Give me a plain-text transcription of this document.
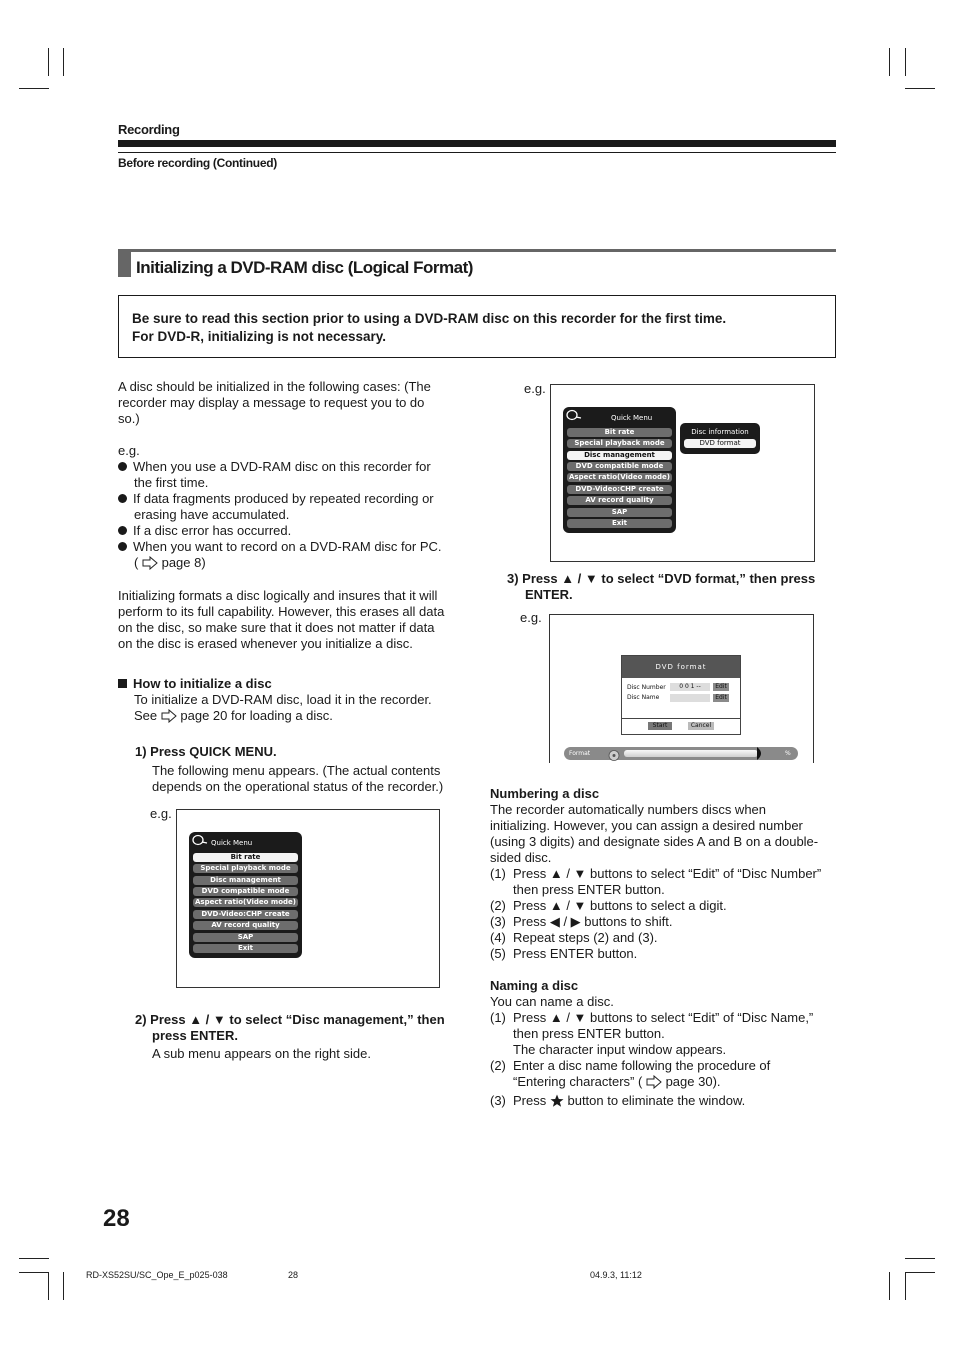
Recording
Before recording (Continued)
Initializing a DVD-RAM disc (Logical Format)
Be sure to read this section prior to using a DVD-RAM disc on this recorder for the first time.
For DVD-R, initializing is not necessary.
A disc should be initialized in the following cases: (The
recorder may display a message to request you to do
so.)
e.g.
When you use a DVD-RAM disc on this recorder for
the first time.
If data fragments produced by repeated recording or
erasing have accumulated.
If a disc error has occurred.
When you want to record on a DVD-RAM disc for PC.
( page 8)
Initializing formats a disc logically and insures that it will
perform to its full capability. However, this erases all data
on the disc, so make sure that it does not matter if data
on the disc is erased whenever you initialize a disc.
How to initialize a disc
To initialize a DVD-RAM disc, load it in the recorder.
See page 20 for loading a disc.
1) Press QUICK MENU.
The following menu appears. (The actual contents
depends on the operational status of the recorder.)
e.g.
Quick Menu
Bit rate
Special playback mode
Disc management
DVD compatible mode
Aspect ratio(Video mode)
DVD-Video:CHP create
AV record quality
SAP
Exit
2) Press ▲ / ▼ to select “Disc management,” then
press ENTER.
A sub menu appears on the right side.
e.g.
Quick Menu
Bit rate
Special playback mode
Disc management
DVD compatible mode
Aspect ratio(Video mode)
DVD-Video:CHP create
AV record quality
SAP
Exit
Disc information
DVD format
3) Press ▲ / ▼ to select “DVD format,” then press
ENTER.
e.g.
DVD format
Disc Number	0 0 1 --	Edit
Disc Name	Edit
Start	Cancel
Format	%
Numbering a disc
The recorder automatically numbers discs when
initializing. However, you can assign a desired number
(using 3 digits) and designate sides A and B on a double-
sided disc.
(1) Press ▲ / ▼ buttons to select “Edit” of “Disc Number”
then press ENTER button.
(2) Press ▲ / ▼ buttons to select a digit.
(3) Press ◀ / ▶ buttons to shift.
(4) Repeat steps (2) and (3).
(5) Press ENTER button.
Naming a disc
You can name a disc.
(1) Press ▲ / ▼ buttons to select “Edit” of “Disc Name,”
then press ENTER button.
The character input window appears.
(2) Enter a disc name following the procedure of
“Entering characters” ( page 30).
(3) Press button to eliminate the window.
28
RD-XS52SU/SC_Ope_E_p025-038	28	04.9.3, 11:12
